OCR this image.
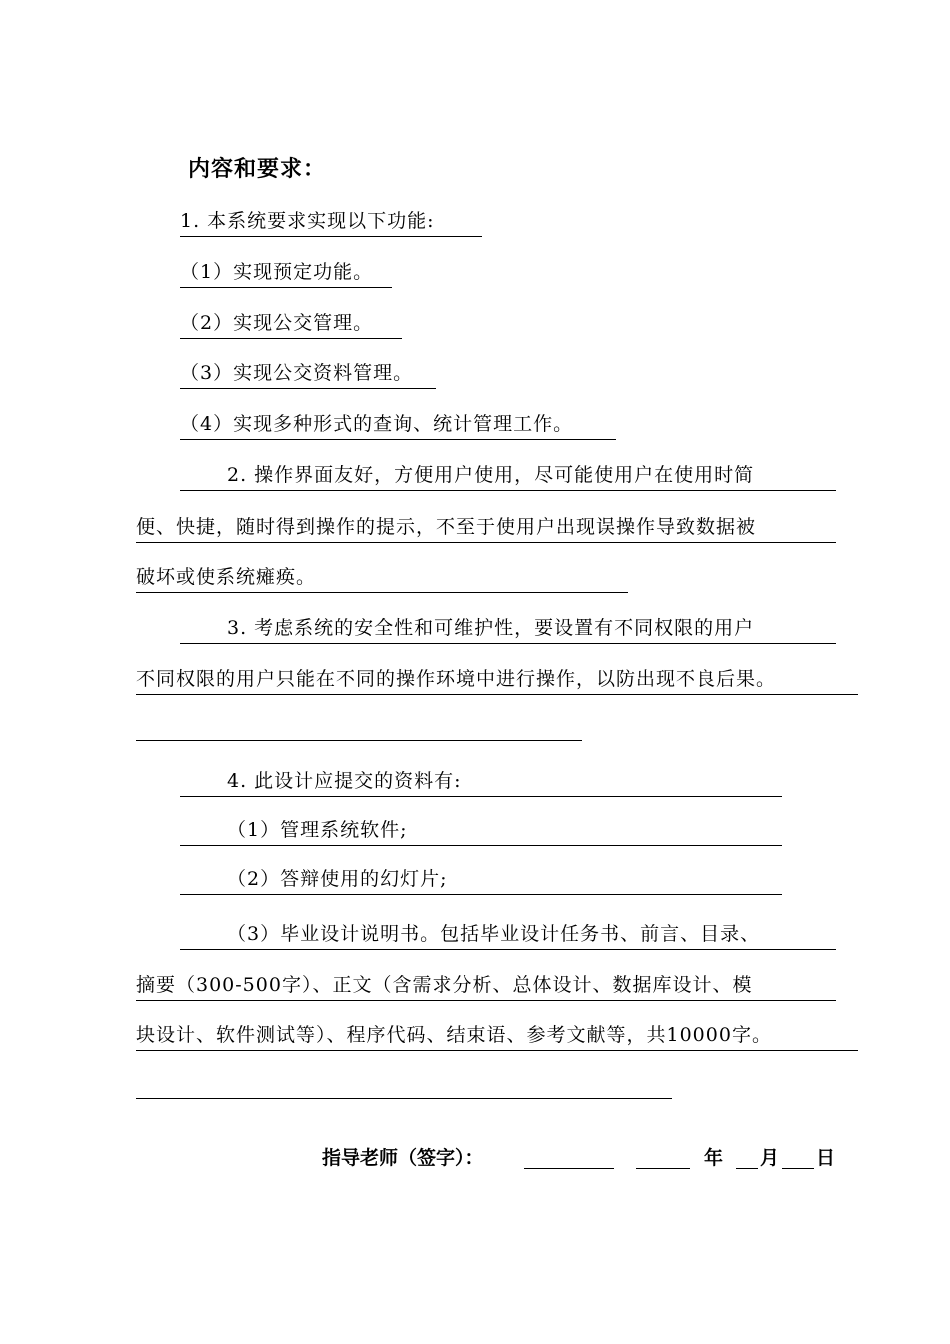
内容和要求：
1. 本系统要求实现以下功能:
（1）实现预定功能。
（2）实现公交管理。
（3）实现公交资料管理。
（4）实现多种形式的查询、统计管理工作。
2. 操作界面友好，方便用户使用，尽可能使用户在使用时简
便、快捷，随时得到操作的提示，不至于使用户出现误操作导致数据被
破坏或使系统瘫痪。
3. 考虑系统的安全性和可维护性，要设置有不同权限的用户
不同权限的用户只能在不同的操作环境中进行操作，以防出现不良后果。
4. 此设计应提交的资料有:
（1）管理系统软件;
（2）答辩使用的幻灯片;
（3）毕业设计说明书。包括毕业设计任务书、前言、目录、
摘要（300-500字）、正文（含需求分析、总体设计、数据库设计、模
块设计、软件测试等）、程序代码、结束语、参考文献等，共10000字。
指导老师（签字）：	年 月 日
